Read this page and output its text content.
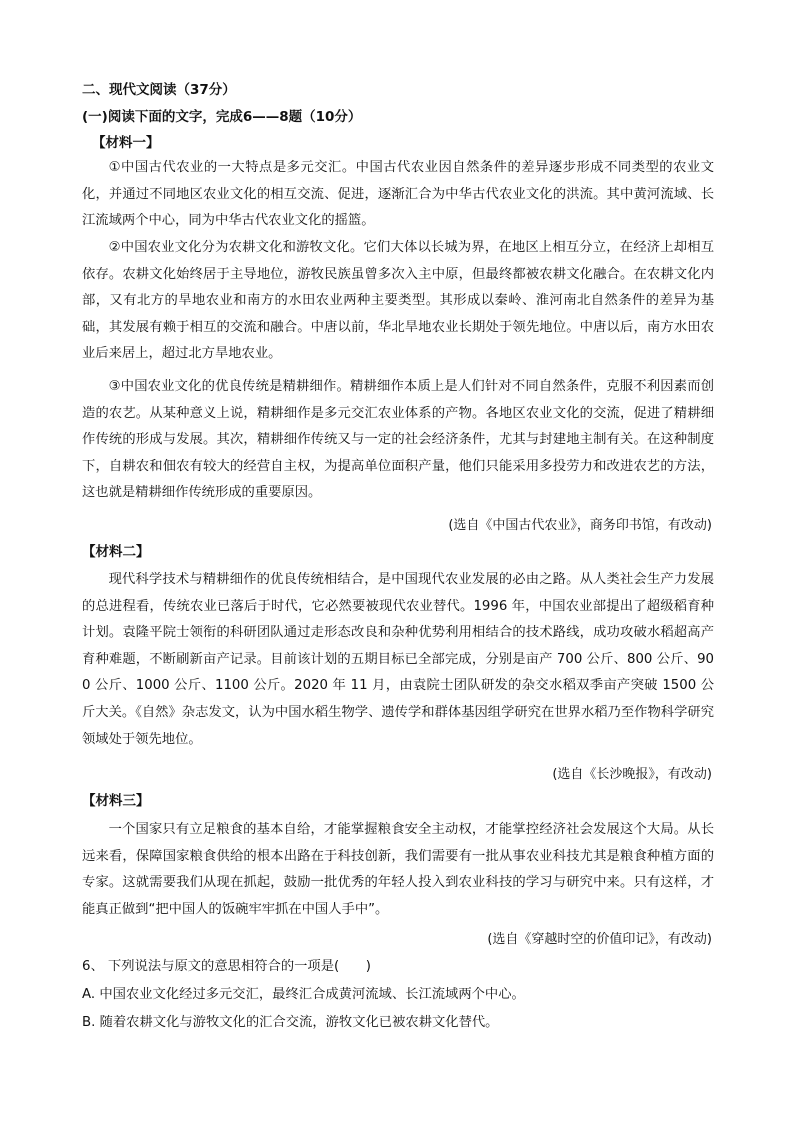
二、现代文阅读（37分）
(一)阅读下面的文字，完成6——8题（10分）
【材料一】

①中国古代农业的一大特点是多元交汇。中国古代农业因自然条件的差异逐步形成不同类型的农业文化，并通过不同地区农业文化的相互交流、促进，逐渐汇合为中华古代农业文化的洪流。其中黄河流域、长江流域两个中心，同为中华古代农业文化的摇篮。

②中国农业文化分为农耕文化和游牧文化。它们大体以长城为界，在地区上相互分立，在经济上却相互依存。农耕文化始终居于主导地位，游牧民族虽曾多次入主中原，但最终都被农耕文化融合。在农耕文化内部，又有北方的旱地农业和南方的水田农业两种主要类型。其形成以秦岭、淮河南北自然条件的差异为基础，其发展有赖于相互的交流和融合。中唐以前，华北旱地农业长期处于领先地位。中唐以后，南方水田农业后来居上，超过北方旱地农业。

③中国农业文化的优良传统是精耕细作。精耕细作本质上是人们针对不同自然条件，克服不利因素而创造的农艺。从某种意义上说，精耕细作是多元交汇农业体系的产物。各地区农业文化的交流，促进了精耕细作传统的形成与发展。其次，精耕细作传统又与一定的社会经济条件，尤其与封建地主制有关。在这种制度下，自耕农和佃农有较大的经营自主权，为提高单位面积产量，他们只能采用多投劳力和改进农艺的方法，这也就是精耕细作传统形成的重要原因。

(选自《中国古代农业》，商务印书馆，有改动)
【材料二】

现代科学技术与精耕细作的优良传统相结合，是中国现代农业发展的必由之路。从人类社会生产力发展的总进程看，传统农业已落后于时代，它必然要被现代农业替代。1996 年，中国农业部提出了超级稻育种计划。袁隆平院士领衔的科研团队通过走形态改良和杂种优势利用相结合的技术路线，成功攻破水稻超高产育种难题，不断刷新亩产记录。目前该计划的五期目标已全部完成，分别是亩产 700 公斤、800 公斤、900 公斤、1000 公斤、1100 公斤。2020 年 11 月，由袁院士团队研发的杂交水稻双季亩产突破 1500 公斤大关。《自然》杂志发文，认为中国水稻生物学、遗传学和群体基因组学研究在世界水稻乃至作物科学研究领域处于领先地位。

(选自《长沙晚报》，有改动)
【材料三】

一个国家只有立足粮食的基本自给，才能掌握粮食安全主动权，才能掌控经济社会发展这个大局。从长远来看，保障国家粮食供给的根本出路在于科技创新，我们需要有一批从事农业科技尤其是粮食种植方面的专家。这就需要我们从现在抓起，鼓励一批优秀的年轻人投入到农业科技的学习与研究中来。只有这样，才能真正做到“把中国人的饭碗牢牢抓在中国人手中”。

(选自《穿越时空的价值印记》，有改动)
6、 下列说法与原文的意思相符合的一项是(　　)
A. 中国农业文化经过多元交汇，最终汇合成黄河流域、长江流域两个中心。
B. 随着农耕文化与游牧文化的汇合交流，游牧文化已被农耕文化替代。
